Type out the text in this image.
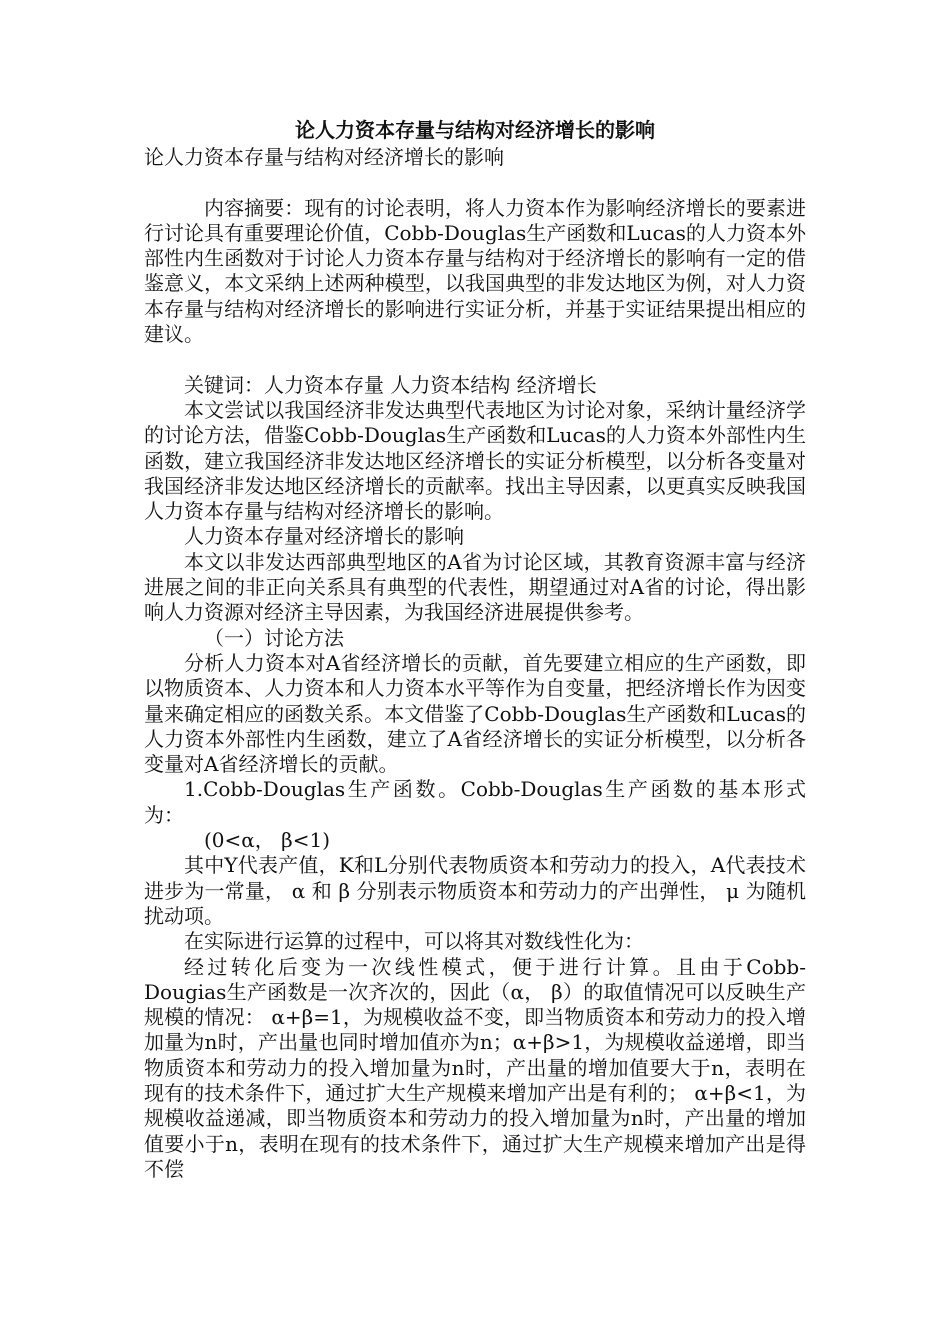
论人力资本存量与结构对经济增长的影响
论人力资本存量与结构对经济增长的影响

内容摘要：现有的讨论表明，将人力资本作为影响经济增长的要素进行讨论具有重要理论价值，Cobb-Douglas生产函数和Lucas的人力资本外部性内生函数对于讨论人力资本存量与结构对于经济增长的影响有一定的借鉴意义，本文采纳上述两种模型，以我国典型的非发达地区为例，对人力资本存量与结构对经济增长的影响进行实证分析，并基于实证结果提出相应的建议。

关键词：人力资本存量 人力资本结构 经济增长

本文尝试以我国经济非发达典型代表地区为讨论对象，采纳计量经济学的讨论方法，借鉴Cobb-Douglas生产函数和Lucas的人力资本外部性内生函数，建立我国经济非发达地区经济增长的实证分析模型，以分析各变量对我国经济非发达地区经济增长的贡献率。找出主导因素，以更真实反映我国人力资本存量与结构对经济增长的影响。

人力资本存量对经济增长的影响

本文以非发达西部典型地区的A省为讨论区域，其教育资源丰富与经济进展之间的非正向关系具有典型的代表性，期望通过对A省的讨论，得出影响人力资源对经济主导因素，为我国经济进展提供参考。

（一）讨论方法

分析人力资本对A省经济增长的贡献，首先要建立相应的生产函数，即以物质资本、人力资本和人力资本水平等作为自变量，把经济增长作为因变量来确定相应的函数关系。本文借鉴了Cobb-Douglas生产函数和Lucas的人力资本外部性内生函数，建立了A省经济增长的实证分析模型，以分析各变量对A省经济增长的贡献。

1.Cobb-Douglas生产函数。Cobb-Douglas生产函数的基本形式为：

(0<α， β<1)

其中Y代表产值，K和L分别代表物质资本和劳动力的投入，A代表技术进步为一常量， α 和 β 分别表示物质资本和劳动力的产出弹性， μ 为随机扰动项。

在实际进行运算的过程中，可以将其对数线性化为：

经过转化后变为一次线性模式，便于进行计算。且由于Cobb-Dougias生产函数是一次齐次的，因此（α， β）的取值情况可以反映生产规模的情况： α+β=1，为规模收益不变，即当物质资本和劳动力的投入增加量为n时，产出量也同时增加值亦为n；α+β>1，为规模收益递增，即当物质资本和劳动力的投入增加量为n时，产出量的增加值要大于n，表明在现有的技术条件下，通过扩大生产规模来增加产出是有利的； α+β<1，为规模收益递减，即当物质资本和劳动力的投入增加量为n时，产出量的增加值要小于n，表明在现有的技术条件下，通过扩大生产规模来增加产出是得不偿
